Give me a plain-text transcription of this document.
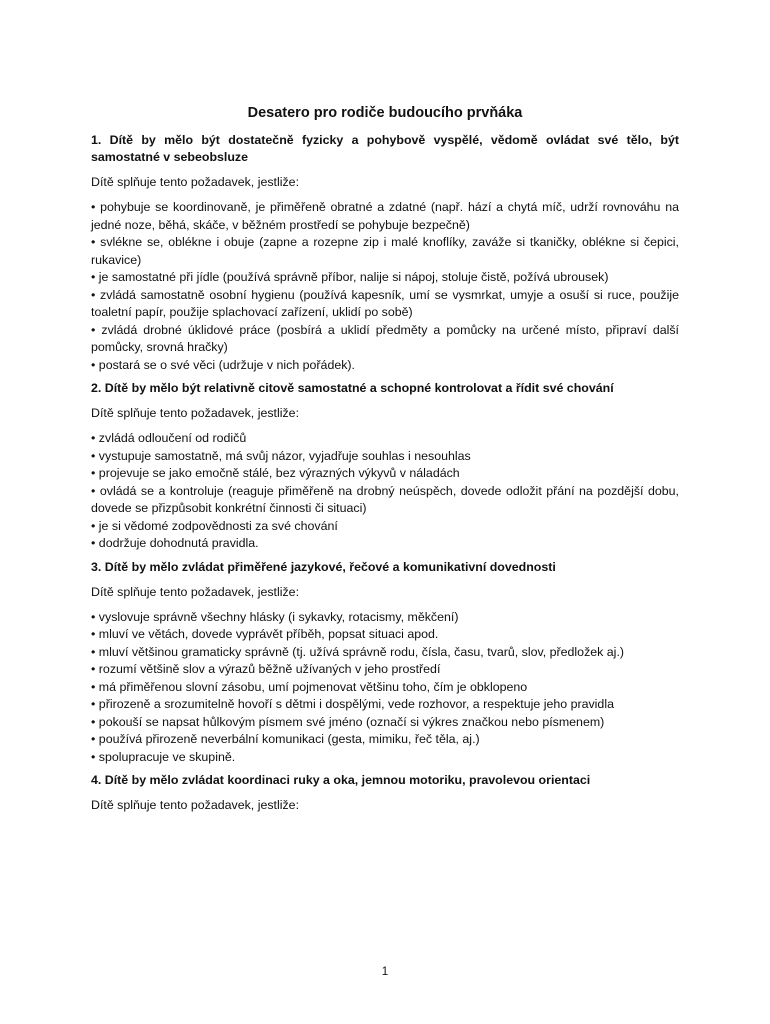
Desatero pro rodiče budoucího prvňáka
1. Dítě by mělo být dostatečně fyzicky a pohybově vyspělé, vědomě ovládat své tělo, být samostatné v sebeobsluze

Dítě splňuje tento požadavek, jestliže:

• pohybuje se koordinovaně, je přiměřeně obratné a zdatné (např. hází a chytá míč, udrží rovnováhu na jedné noze, běhá, skáče, v běžném prostředí se pohybuje bezpečně)
• svlékne se, oblékne i obuje (zapne a rozepne zip i malé knoflíky, zaváže si tkaničky, oblékne si čepici, rukavice)
• je samostatné při jídle (používá správně příbor, nalije si nápoj, stoluje čistě, požívá ubrousek)
• zvládá samostatně osobní hygienu (používá kapesník, umí se vysmrkat, umyje a osuší si ruce, použije toaletní papír, použije splachovací zařízení, uklidí po sobě)
• zvládá drobné úklidové práce (posbírá a uklidí předměty a pomůcky na určené místo, připraví další pomůcky, srovná hračky)
• postará se o své věci (udržuje v nich pořádek).
2. Dítě by mělo být relativně citově samostatné a schopné kontrolovat a řídit své chování

Dítě splňuje tento požadavek, jestliže:

• zvládá odloučení od rodičů
• vystupuje samostatně, má svůj názor, vyjadřuje souhlas i nesouhlas
• projevuje se jako emočně stálé, bez výrazných výkyvů v náladách
• ovládá se a kontroluje (reaguje přiměřeně na drobný neúspěch, dovede odložit přání na pozdější dobu, dovede se přizpůsobit konkrétní činnosti či situaci)
• je si vědomé zodpovědnosti za své chování
• dodržuje dohodnutá pravidla.
3. Dítě by mělo zvládat přiměřené jazykové, řečové a komunikativní dovednosti

Dítě splňuje tento požadavek, jestliže:

• vyslovuje správně všechny hlásky (i sykavky, rotacismy, měkčení)
• mluví ve větách, dovede vyprávět příběh, popsat situaci apod.
• mluví většinou gramaticky správně (tj. užívá správně rodu, čísla, času, tvarů, slov, předložek aj.)
• rozumí většině slov a výrazů běžně užívaných v jeho prostředí
• má přiměřenou slovní zásobu, umí pojmenovat většinu toho, čím je obklopeno
• přirozeně a srozumitelně hovoří s dětmi i dospělými, vede rozhovor, a respektuje jeho pravidla
• pokouší se napsat hůlkovým písmem své jméno (označí si výkres značkou nebo písmenem)
• používá přirozeně neverbální komunikaci (gesta, mimiku, řeč těla, aj.)
• spolupracuje ve skupině.
4. Dítě by mělo zvládat koordinaci ruky a oka, jemnou motoriku, pravolevou orientaci

Dítě splňuje tento požadavek, jestliže:

1
